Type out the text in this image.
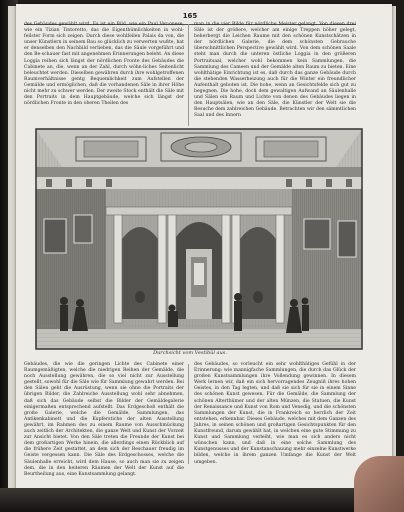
165

des Gebäudes gewählt wird. Es ist ein Bild, wie ein Paul Ver-onese, wie ein Tizian Tintoretto, das die Eigenthümlichkeiten in wohl-feilster Form sich zeigen. Durch diese wohlfeilen Palais da von, die unser Künstlern in seinem Bau so glücklich zu verwerten wußte, hat er denselben den Nachbild verlieben, das die Säule vorgeführt und den Be-schauer fast mit angenehmen Erinnerungen beleht. An diese Loggia reihen sich längst der nördlichen Fronte des Gebäudes die Cabinete an, die, wenn an der Zahl, durch wöhn-liches Seitenlicht beleuchtet werden. Dieselben gewähren durch ihre wohlgetroffenen Raumverhältnisse gentg Bequemlichkeit zum Aufstellen der Gemälde und ermöglichen, daß die vorhandenen Säle in ihrer Höhe nicht mehr zu schwer werden. Der zweite Stock enthält die Säle mit den Portraits in dem Hauptgebäude, welche sich längst der nördlichen Fronte in den oberen Theilen des

man in die vier Bilde für nördliche Meister gelangt. Von diesen drei Säle ist der größere, welcher am einige Treppen höher gelegt, beherbergt die Leichen Raume mit den schönen Kunstschätzen in der nördlichen Galerie, die dem schönsten Gebrauche überschnittlichen Perspective gewählt wird. Von dem schönen Saale steht man durch die unteren östliche Loggia in den größeren Portraitsaal, welcher wohl bekommen kein Sammlungen, die Sammlung des Cameen und der Gemälde alten Raum zu bieten. Eine wohlthätige Einrichtung ist es, daß durch das ganze Gebäude durch die stehenden Wasserheizung auch für die Winter ein freundlicher Aufenthalt geboten ist. Die hohe, wenn an Gesichtsfelde sich gut zu begegnen. Die hohe, doch dem gewaltigen Aufwand an Säulenhalle und Sälen ein Raum und Lichte von denen des Gebäudes liegen in den Hauptsälen, wie an den Säle, die Künstler der Welt sie die Besuche dem zahlreichen Gebäude. Betrachten wir den sämmtlichen Saal und des Innern

Durchsicht vom Vestibül aus.

Gebäudes, die wie die geringen Lichte des Cabinete einer Raumgemäßigten, welche die niedrigen Reihen der Gemälde, die noch Ausstellung gewähren, die so viel nicht zur Ausstellung gestellt, sowohl für die Säle wie für Sammlung gewahrt werden. Bei den Sälen geht die Ausrüstung, wenn sie ohne die Portraits der übrigen Bilder, die Zahlreiche Ausstellung wohl sehr abnehmen, daß sich das Gebäude selbst die Bilder der Gemäldegalerie einigermaßen entsprechend aufstellt. Das Erdgeschoß enthält die große Galerie, welche die Gemälde, Sammlungen, das Antikenkabinett und die Kupferstiche der alten Ausstellung gewährt, im Rahmen des zu einem Raume von Ausschmückung auch zeitlich der Architekten, die ganze Welt und Kunst der Vorzeit zur Ansicht bietet. Von den Säle treten die Freunde der Kunst bei dem großartigen Werke hinein, die allerdings einen Rückblick auf die frühere Zeit gestattet, an dem sich der Beschauer freudig im Geiste vergessen kann. Die Säle des Erdgeschosses, welche die Säulenhalle erreicht, wird dem Hause, so auch man sie zu zeigen dem, die in den heiteren Räumen der Welt der Kunst auf die Beurtheilung aus, eine Kunstsammlung gelangt.

des Gebäudes, so vorleucht ein sehr wohlthätiges Gefühl in der Erinnerung: wie mannigfache Sammlungen, die durch das Glück der großen Kunstsammlungen ihre Vollendung gewinnen. In diesem Werk lernen wir, daß ein sich hervorragendes Zeugniß ihres hohen Geistes, in den Tag legten, und daß sie sich für sie in einem Sinne des schönen Kunst gewesen. Für die Gemälde, die Sammlung der schönen Alterthümer und der alten Münzen, die Statuen, die Kunst der Renaissance und Kunst von Rom und Venedig, und die schönsten Sammlungen der Kunst, die in Frankreich so herrlich der Zeit entstehen, erkennbar. Dieses Gebäude, welches mit dem Ganzen des Jahres, in seinen schönen und großartigen Gesichtspunkten für den Kunstfreund, darum gewählt hat, in welchen eine gute Stimmung zu Kunst und Sammlung verleiht, wie man es sich anders nicht wünschen kann, und daß in eine solche Sammlung des Kunstgenusses und der Kunstanschauung mehr einzelne Kunstwerke bilden, welche in ihrem ganzen Umfange die Kunst der Welt umgeben.
